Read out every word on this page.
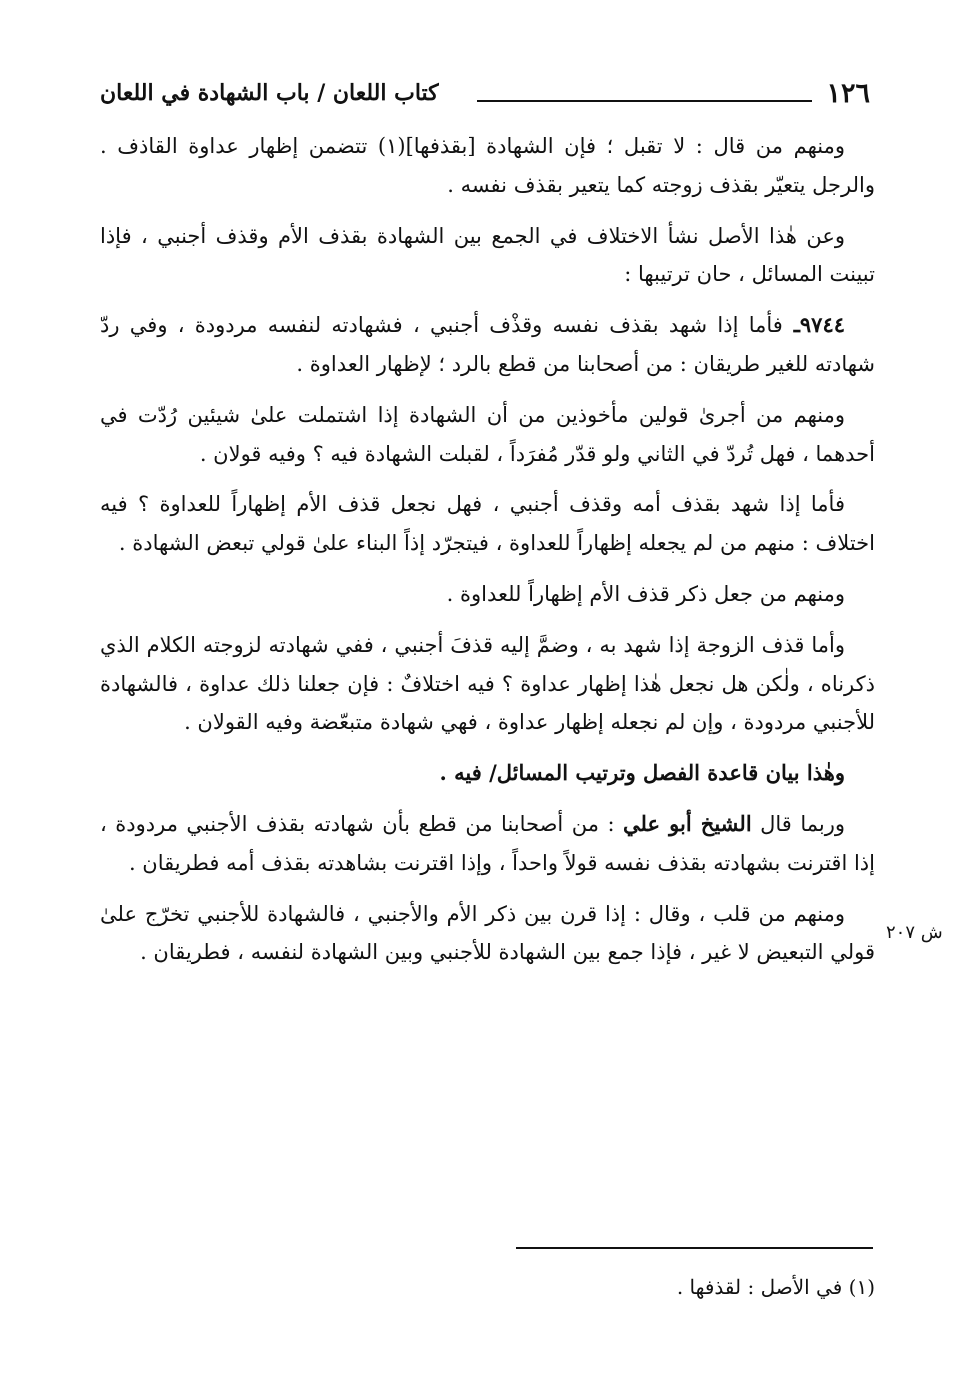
١٢٦
كتاب اللعان / باب الشهادة في اللعان

ومنهم من قال : لا تقبل ؛ فإن الشهادة [بقذفها](١) تتضمن إظهار عداوة القاذف . والرجل يتعيّر بقذف زوجته كما يتعير بقذف نفسه .

وعن هٰذا الأصل نشأ الاختلاف في الجمع بين الشهادة بقذف الأم وقذف أجنبي ، فإذا تبينت المسائل ، حان ترتيبها :

٩٧٤٤ـ فأما إذا شهد بقذف نفسه وقذْف أجنبي ، فشهادته لنفسه مردودة ، وفي ردّ شهادته للغير طريقان : من أصحابنا من قطع بالرد ؛ لإظهار العداوة .

ومنهم من أجرىٰ قولين مأخوذين من أن الشهادة إذا اشتملت علىٰ شيئين رُدّت في أحدهما ، فهل تُردّ في الثاني ولو قدّر مُفرَداً ، لقبلت الشهادة فيه ؟ وفيه قولان .

فأما إذا شهد بقذف أمه وقذف أجنبي ، فهل نجعل قذف الأم إظهاراً للعداوة ؟ فيه اختلاف : منهم من لم يجعله إظهاراً للعداوة ، فيتجرّد إذاً البناء علىٰ قولي تبعض الشهادة .

ومنهم من جعل ذكر قذف الأم إظهاراً للعداوة .

وأما قذف الزوجة إذا شهد به ، وضمَّ إليه قذفَ أجنبي ، ففي شهادته لزوجته الكلام الذي ذكرناه ، ولٰكن هل نجعل هٰذا إظهار عداوة ؟ فيه اختلافٌ : فإن جعلنا ذلك عداوة ، فالشهادة للأجنبي مردودة ، وإن لم نجعله إظهار عداوة ، فهي شهادة متبعّضة وفيه القولان .

وهٰذا بيان قاعدة الفصل وترتيب المسائل/ فيه .

وربما قال الشيخ أبو علي : من أصحابنا من قطع بأن شهادته بقذف الأجنبي مردودة ، إذا اقترنت بشهادته بقذف نفسه قولاً واحداً ، وإذا اقترنت بشاهدته بقذف أمه فطريقان .

ومنهم من قلب ، وقال : إذا قرن بين ذكر الأم والأجنبي ، فالشهادة للأجنبي تخرّج علىٰ قولي التبعيض لا غير ، فإذا جمع بين الشهادة للأجنبي وبين الشهادة لنفسه ، فطريقان .

ش ٢٠٧
(١) في الأصل : لقذفها .
